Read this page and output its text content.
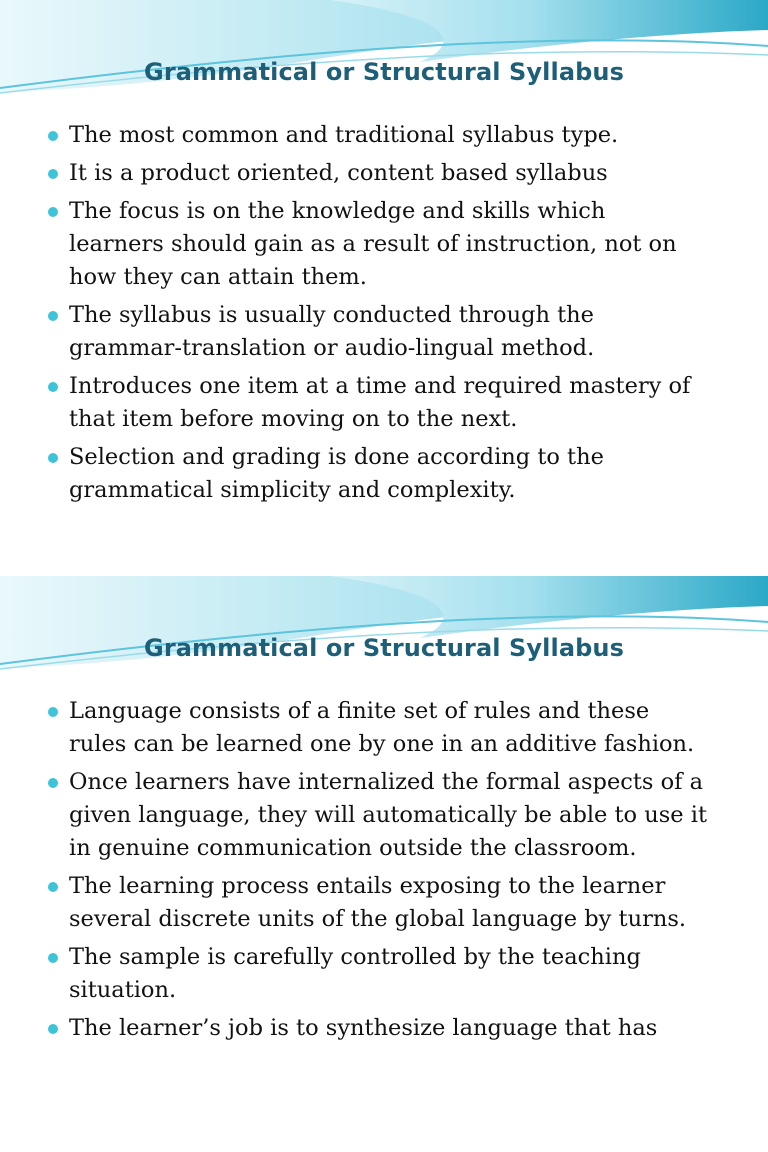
Grammatical or Structural Syllabus
The most common and traditional syllabus type.
It is a product oriented, content based syllabus
The focus is on the knowledge and skills which
learners should gain as a result of instruction, not on
how they can attain them.
The syllabus is usually conducted through the
grammar-translation or audio-lingual method.
Introduces one item at a time and required mastery of
that item before moving on to the next.
Selection and grading is done according to the
grammatical simplicity and complexity.
Grammatical or Structural Syllabus
Language consists of a finite set of rules and these
rules can be learned one by one in an additive fashion.
Once learners have internalized the formal aspects of a
given language, they will automatically be able to use it
in genuine communication outside the classroom.
The learning process entails exposing to the learner
several discrete units of the global language by turns.
The sample is carefully controlled by the teaching
situation.
The learner’s job is to synthesize language that has
